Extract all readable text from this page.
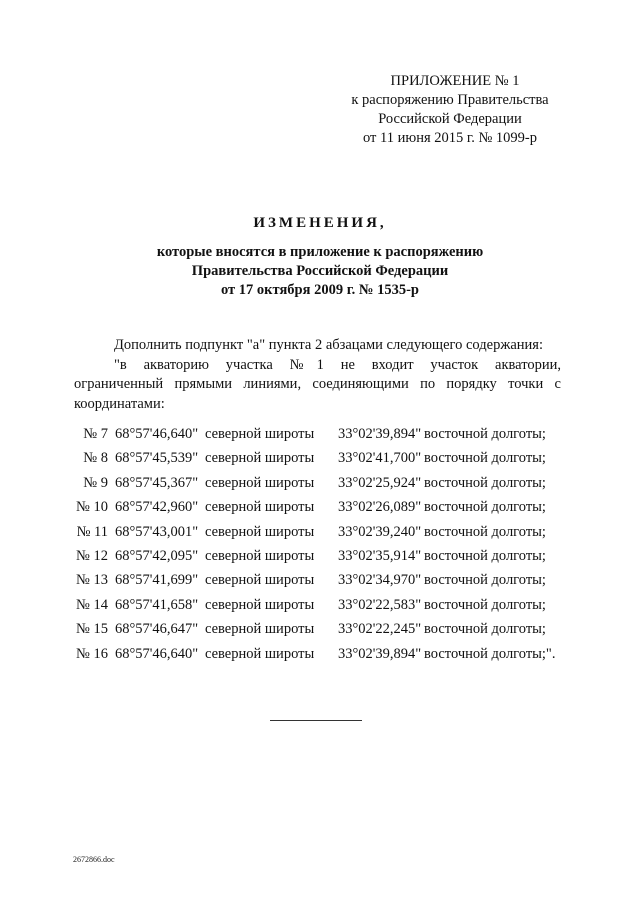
ПРИЛОЖЕНИЕ № 1
к распоряжению Правительства
Российской Федерации
от 11 июня 2015 г. № 1099-р
ИЗМЕНЕНИЯ,
которые вносятся в приложение к распоряжению
Правительства Российской Федерации
от 17 октября 2009 г. № 1535-р
Дополнить подпункт "а" пункта 2 абзацами следующего содержания:
"в акваторию участка №1 не входит участок акватории,
ограниченный прямыми линиями, соединяющими по порядку точки с координатами:
№ 7 68°57'46,640" северной широты 33°02'39,894" восточной долготы;
№ 8 68°57'45,539" северной широты 33°02'41,700" восточной долготы;
№ 9 68°57'45,367" северной широты 33°02'25,924" восточной долготы;
№ 10 68°57'42,960" северной широты 33°02'26,089" восточной долготы;
№ 11 68°57'43,001" северной широты 33°02'39,240" восточной долготы;
№ 12 68°57'42,095" северной широты 33°02'35,914" восточной долготы;
№ 13 68°57'41,699" северной широты 33°02'34,970" восточной долготы;
№ 14 68°57'41,658" северной широты 33°02'22,583" восточной долготы;
№ 15 68°57'46,647" северной широты 33°02'22,245" восточной долготы;
№ 16 68°57'46,640" северной широты 33°02'39,894" восточной долготы;".
2672866.doc
